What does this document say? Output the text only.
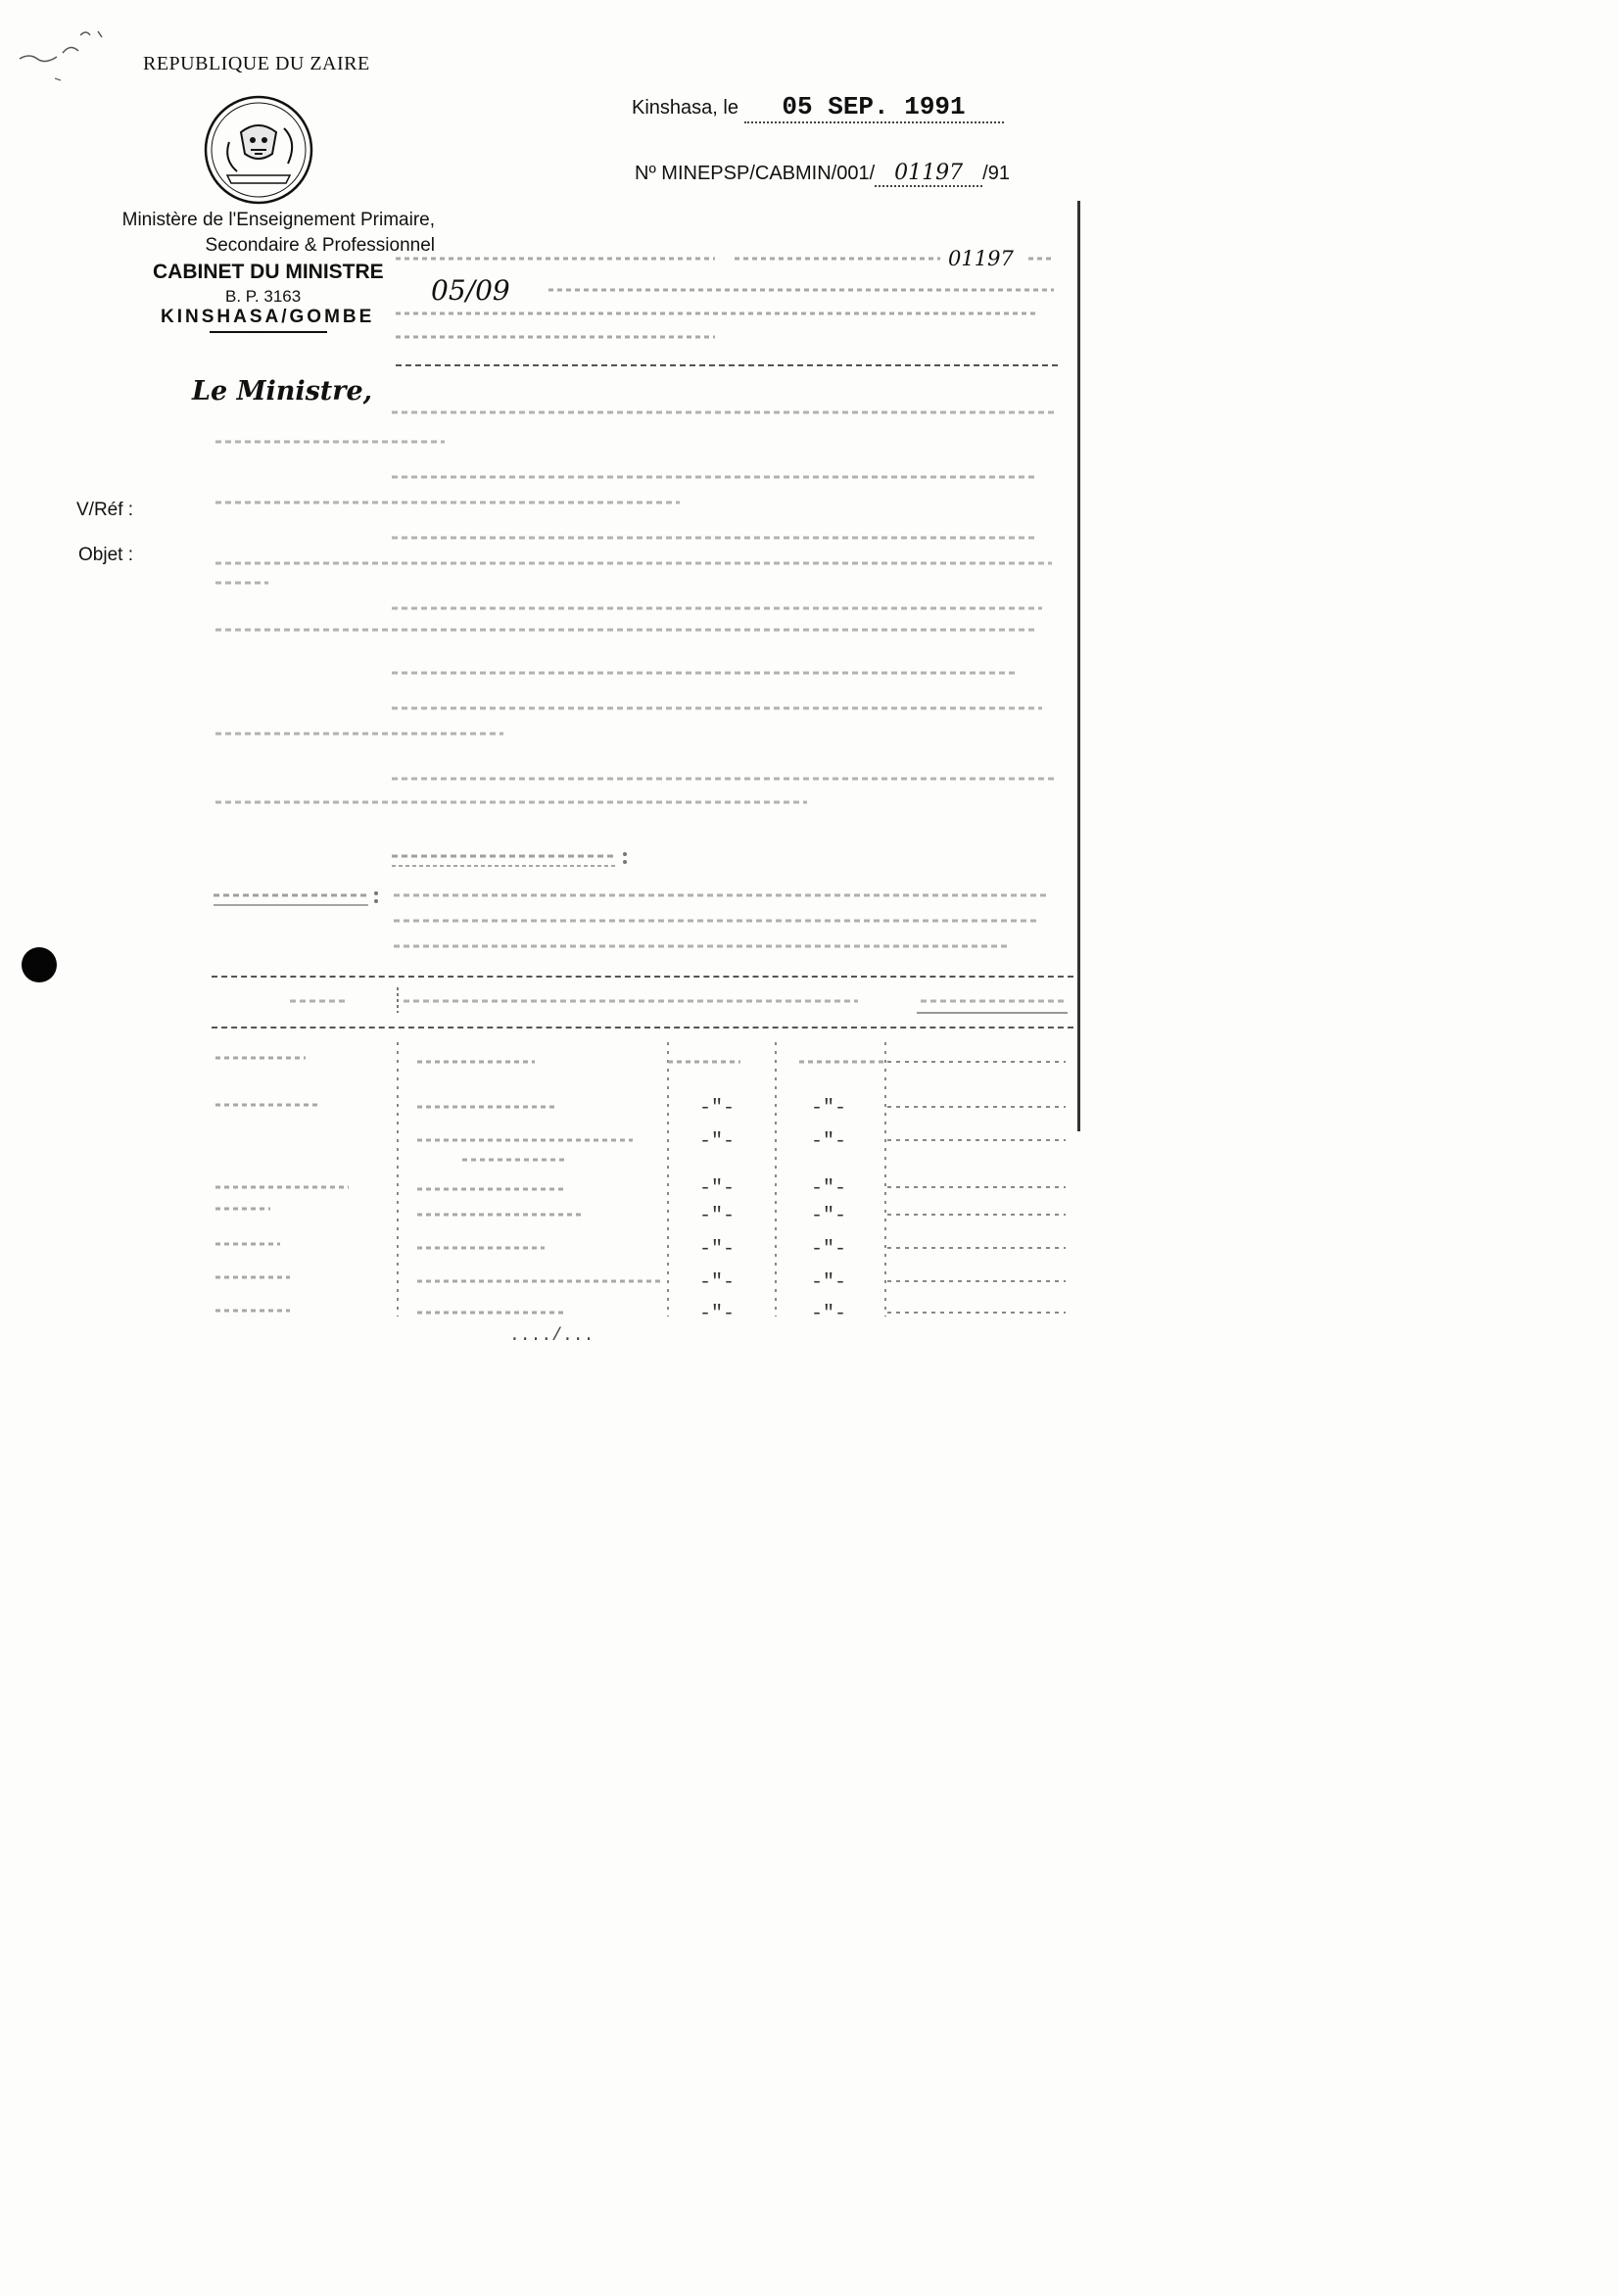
REPUBLIQUE DU ZAIRE
Ministère de l'Enseignement Primaire,
Secondaire & Professionnel
CABINET DU MINISTRE
B. P. 3163
KINSHASA/GOMBE
Kinshasa, le 05 SEP. 1991
Nº MINEPSP/CABMIN/001/ 01197 /91
Le Ministre,
V/Réf :
Objet :
01197
05/09
-"-	-"-
-"-	-"-
-"-	-"-
-"-	-"-
-"-	-"-
-"-	-"-
-"-	-"-
..../...
